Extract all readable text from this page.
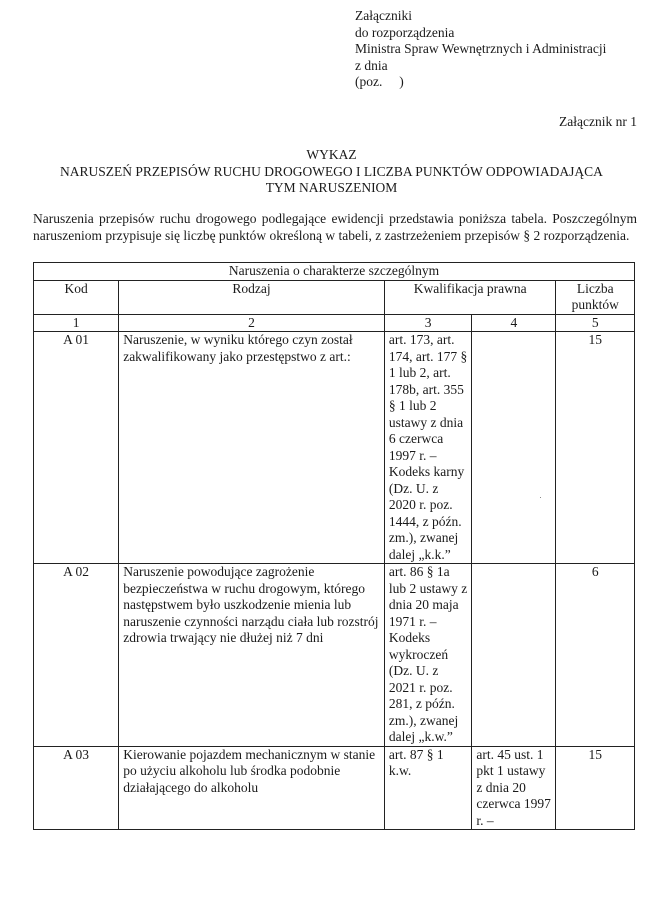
Załączniki
do rozporządzenia
Ministra Spraw Wewnętrznych i Administracji
z dnia
(poz.     )
Załącznik nr 1
WYKAZ
NARUSZEŃ PRZEPISÓW RUCHU DROGOWEGO I LICZBA PUNKTÓW ODPOWIADAJĄCA
TYM NARUSZENIOM
Naruszenia przepisów ruchu drogowego podlegające ewidencji przedstawia poniższa tabela. Poszczególnym naruszeniom przypisuje się liczbę punktów określoną w tabeli, z zastrzeżeniem przepisów § 2 rozporządzenia.
Naruszenia o charakterze szczególnym				
Kod	Rodzaj	Kwalifikacja prawna		Liczba punktów
1	2	3	4	5
A 01	Naruszenie, w wyniku którego czyn został zakwalifikowany jako przestępstwo z art.:	art. 173, art. 174, art. 177 § 1 lub 2, art. 178b, art. 355 § 1 lub 2 ustawy z dnia 6 czerwca 1997 r. – Kodeks karny (Dz. U. z 2020 r. poz. 1444, z późn. zm.), zwanej dalej „k.k.”		15
A 02	Naruszenie powodujące zagrożenie bezpieczeństwa w ruchu drogowym, którego następstwem było uszkodzenie mienia lub naruszenie czynności narządu ciała lub rozstrój zdrowia trwający nie dłużej niż 7 dni	art. 86 § 1a lub 2 ustawy z dnia 20 maja 1971 r. – Kodeks wykroczeń (Dz. U. z 2021 r. poz. 281, z późn. zm.), zwanej dalej „k.w.”		6
A 03	Kierowanie pojazdem mechanicznym w stanie po użyciu alkoholu lub środka podobnie działającego do alkoholu	art. 87 § 1 k.w.	art. 45 ust. 1 pkt 1 ustawy z dnia 20 czerwca 1997 r. –	15
